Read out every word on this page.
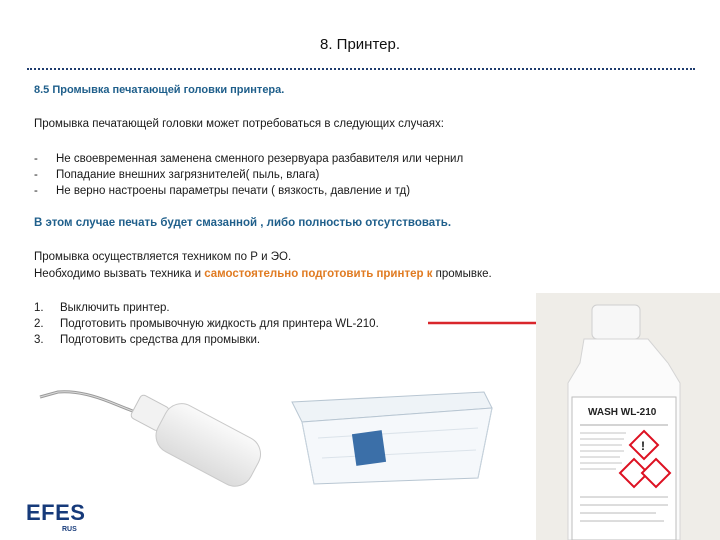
8. Принтер.
8.5 Промывка печатающей головки принтера.
Промывка печатающей головки может потребоваться в следующих случаях:
-	Не своевременная заменена сменного резервуара разбавителя или чернил
-	Попадание внешних загрязнителей( пыль, влага)
-	Не верно настроены параметры печати ( вязкость, давление и тд)
В этом случае печать будет смазанной , либо полностью отсутствовать.
Промывка осуществляется техником по Р и ЭО.
Необходимо вызвать техника и самостоятельно подготовить принтер к промывке.
1.	Выключить принтер.
2.	Подготовить промывочную жидкость для принтера WL-210.
3.	Подготовить средства для промывки.
!
WASH WL-210
EFES
RUS
